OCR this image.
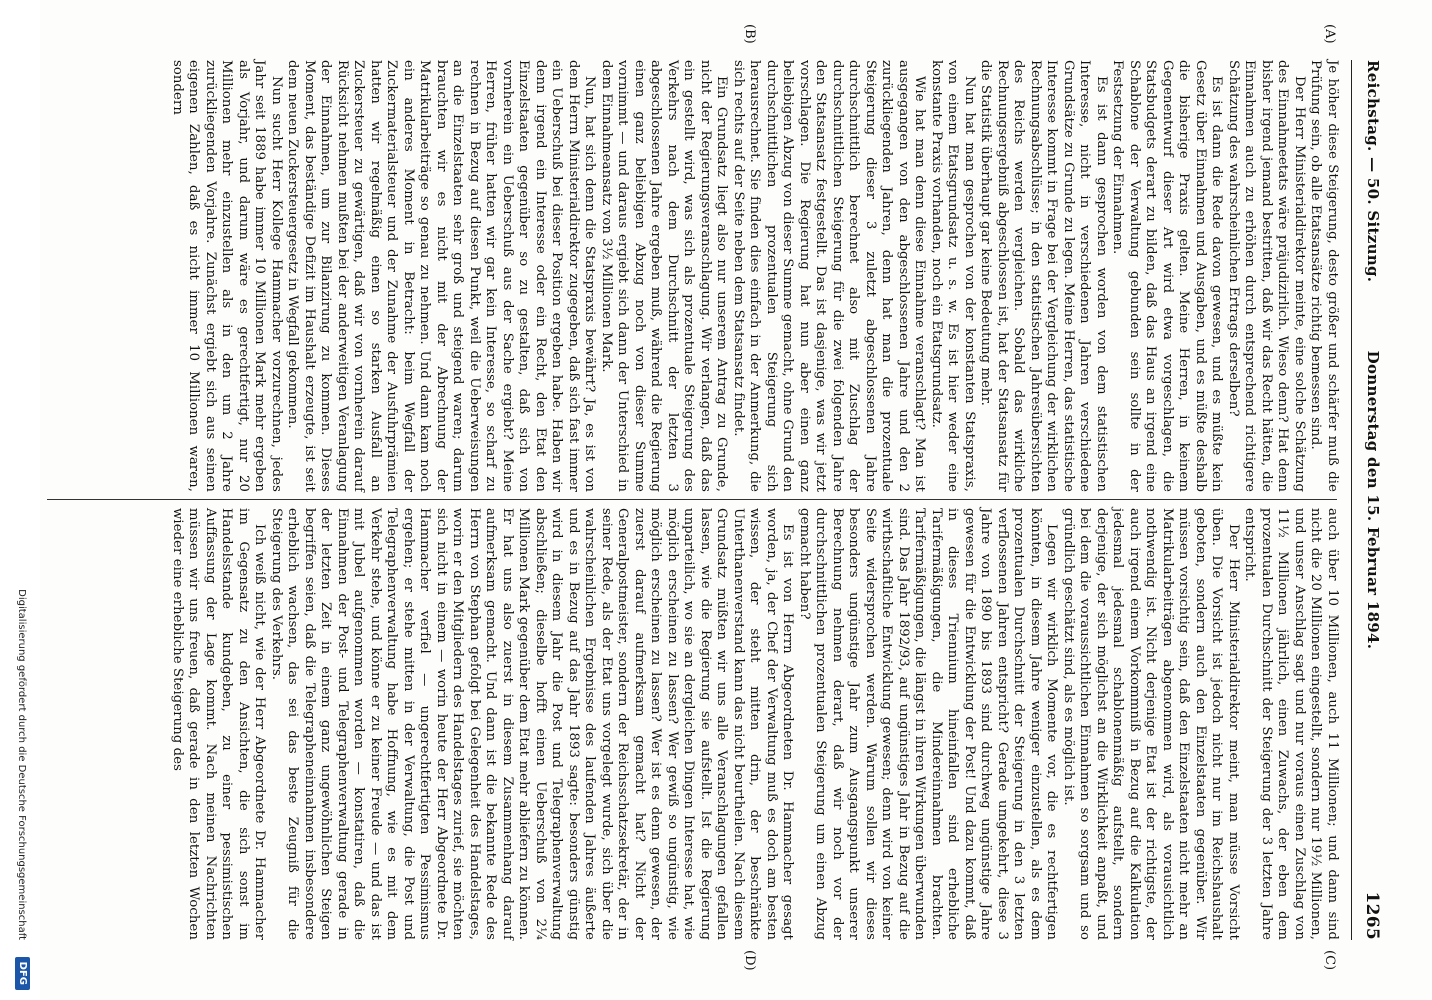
Reichstag. — 50. Sitzung.
Donnerstag den 15. Februar 1894.
1265
(A)
(B)
(C)
(D)

Je höher diese Steigerung, desto größer und schärfer muß die Prüfung sein, ob alle Etatsansätze richtig bemessen sind.

Der Herr Ministerialdirektor meinte, eine solche Schätzung des Einnahmeetats wäre präjudizirlich. Wieso denn? Hat denn bisher irgend jemand bestritten, daß wir das Recht hätten, die Einnahmen auch zu erhöhen durch entsprechend richtigere Schätzung des wahrscheinlichen Ertrags derselben?

Es ist dann die Rede davon gewesen, und es müßte kein Gesetz über Einnahmen und Ausgaben, und es müßte deshalb die bisherige Praxis gelten. Meine Herren, in keinem Gegenentwurf dieser Art wird etwa vorgeschlagen, die Statsbudgets derart zu bilden, daß das Haus an irgend eine Schablone der Verwaltung gebunden sein sollte in der Festsetzung der Einnahmen.

Es ist dann gesprochen worden von dem statistischen Interesse, nicht in verschiedenen Jahren verschiedene Grundsätze zu Grunde zu legen. Meine Herren, das statistische Interesse kommt in Frage bei der Vergleichung der wirklichen Rechnungsabschlüsse; in den statistischen Jahresübersichten des Reichs werden vergleichen. Sobald das wirkliche Rechnungsergebniß abgeschlossen ist, hat der Statsansatz für die Statistik überhaupt gar keine Bedeutung mehr.

Nun hat man gesprochen von der konstanten Statspraxis, von einem Etatsgrundsatz u. s. w. Es ist hier weder eine konstante Praxis vorhanden, noch ein Etatsgrundsatz.

Wie hat man denn diese Einnahme veranschlagt? Man ist ausgegangen von den abgeschlossenen Jahre und den 2 zurückliegenden Jahren, denn hat man die prozentuale Steigerung dieser 3 zuletzt abgeschlossenen Jahre durchschnittlich berechnet also mit Zuschlag der durchschnittlichen Steigerung für die zwei folgenden Jahre den Statsansatz festgestellt. Das ist dasjenige, was wir jetzt vorschlagen. Die Regierung hat nun aber einen ganz beliebigen Abzug von dieser Summe gemacht, ohne Grund den durchschnittlichen prozentualen Steigerung sich herausrechnet. Sie finden dies einfach in der Anmerkung, die sich rechts auf der Seite neben dem Statsansatz findet.

Ein Grundsatz liegt also nur unserem Antrag zu Grunde, nicht der Regierungsveranschlagung. Wir verlangen, daß das ein gestellt wird, was sich als prozentuale Steigerung des Verkehrs nach dem Durchschnitt der letzten 3 abgeschlossenen Jahre ergeben muß, während die Regierung einen ganz beliebigen Abzug noch von dieser Summe vornimmt — und daraus ergiebt sich dann der Unterschied in dem Einnahmeansatz von 3½ Millionen Mark.

Nun, hat sich denn die Statspraxis bewährt? Ja, es ist von dem Herrn Ministerialdirektor zugegeben, daß sich fast immer ein Ueberschuß bei dieser Position ergeben habe. Haben wir denn irgend ein Interesse oder ein Recht, den Etat den Einzelstaaten gegenüber so zu gestalten, daß sich von vornherein ein Ueberschuß aus der Sache ergiebt? Meine Herren, früher hatten wir gar kein Interesse, so scharf zu rechnen in Bezug auf diesen Punkt, weil die Ueberweisungen an die Einzelstaaten sehr groß und steigend waren; darum brauchten wir es nicht mit der Abrechnung der Matrikularbeiträge so genau zu nehmen. Und dann kam noch ein anderes Moment in Betracht: beim Wegfall der Zuckermaterialsteuer und der Zunahme der Ausfuhrprämien hatten wir regelmäßig einen so starken Ausfall an Zuckersteuer zu gewärtigen, daß wir von vornherein darauf Rücksicht nehmen mußten bei der anderweitigen Veranlagung der Einnahmen, um zur Bilanzirung zu kommen. Dieses Moment, das beständige Defizit im Haushalt erzeugte, ist seit dem neuen Zuckersteuergesetz in Wegfall gekommen.

Nun sucht Herr Kollege Hammacher vorzurechnen, jedes Jahr seit 1889 habe immer 10 Millionen Mark mehr ergeben als Vorjahr, und darum wäre es gerechtfertigt, nur 20 Millionen mehr einzustellen als in den um 2 Jahre zurückliegenden Vorjahre. Zunächst ergiebt sich aus seinen eigenen Zahlen, daß es nicht immer 10 Millionen waren, sondern

auch über 10 Millionen, auch 11 Millionen; und dann sind nicht die 20 Millionen eingestellt, sondern nur 19½ Millionen, und unser Anschlag sagt und nur voraus einen Zuschlag von 11½ Millionen jährlich, einen Zuwachs, der eben dem prozentualen Durchschnitt der Steigerung der 3 letzten Jahre entspricht.

Der Herr Ministerialdirektor meint, man müsse Vorsicht üben. Die Vorsicht ist jedoch nicht nur im Reichshaushalt geboten, sondern auch den Einzelstaaten gegenüber. Wir müssen vorsichtig sein, daß den Einzelstaaten nicht mehr an Matrikularbeiträgen abgenommen wird, als vorausichtlich nothwendig ist. Nicht derjenige Etat ist der richtigste, der auch irgend einem Vorkommniß in Bezug auf die Kalkulation jedesmal jedesmal schablonenmäßig aufstellt, sondern derjenige, der sich möglichst an die Wirklichkeit anpaßt, und bei dem die voraussichtlichen Einnahmen so sorgsam und so gründlich geschätzt sind, als es möglich ist.

Legen wir wirklich Momente vor, die es rechtfertigen könnten, in diesem Jahre weniger einzustellen, als es dem prozentualen Durchschnitt der Steigerung in den 3 letzten verflossenen Jahren entspricht? Gerade umgekehrt, diese 3 Jahre von 1890 bis 1893 sind durchweg ungünstige Jahre gewesen für die Entwicklung der Post! Und dazu kommt, daß in dieses Triennium hineinfallen sind erhebliche Tarifermäßigungen, die Mindereinnahmen brachten. Tarifermäßigungen, die längst in ihren Wirkungen überwunden sind. Das Jahr 1892/93, auf ungünstiges Jahr in Bezug auf die wirthschaftliche Entwicklung gewesen; denn wird von keiner Seite widersprochen werden. Warum sollen wir dieses besonders ungünstige Jahr zum Ausgangspunkt unserer Berechnung nehmen derart, daß wir noch vor der durchschnittlichen prozentualen Steigerung um einen Abzug gemacht haben?

Es ist von Herrn Abgeordneten Dr. Hammacher gesagt worden, ja, der Chef der Verwaltung muß es doch am besten wissen, der steht mitten drin, der beschränkte Unterthanenverstand kann das nicht beurtheilen. Nach diesem Grundsatz müßten wir uns alle Veranschlagungen gefallen lassen, wie die Regierung sie aufstellt. Ist die Regierung unparteilich, wo sie an dergleichen Dingen Interesse hat, wie möglich erscheinen zu lassen? Wer gewiß so ungünstig, wie möglich erscheinen zu lassen? Wer ist es denn gewesen, der zuerst darauf aufmerksam gemacht hat? Nicht der Generalpostmeister, sondern der Reichsschatzsekretär, der in seiner Rede, als der Etat uns vorgelegt wurde, sich über die wahrscheinlichen Ergebnisse des laufenden Jahres äußerte und es in Bezug auf das Jahr 1893 sagte: besonders günstig wird in diesem Jahr die Post und Telegraphenverwaltung abschließen; dieselbe hofft einen Ueberschuß von 2¼ Millionen Mark gegenüber dem Etat mehr abliefern zu können. Er hat uns also zuerst in diesem Zusammenhang darauf aufmerksam gemacht. Und dann ist die bekannte Rede des Herrn von Stephan gefolgt bei Gelegenheit des Handelstages, worin er den Mitgliedern des Handelstages zurief, sie möchten sich nicht in einem — worin heute der Herr Abgeordnete Dr. Hammacher verfiel — ungerechtfertigten Pessimismus ergehen; er stehe mitten in der Verwaltung, die Post und Telegraphenverwaltung habe Hoffnung, wie es mit dem Verkehr stehe, und könne er zu keiner Freude — und das ist mit Jubel aufgenommen worden — konstatiren, daß die Einnahmen der Post- und Telegraphenverwaltung gerade in der letzten Zeit in einem ganz ungewöhnlichen Steigen begriffen seien, daß die Telegrapheneinnahmen insbesondere erheblich wachsen, das sei das beste Zeugniß für die Steigerung des Verkehrs.

Ich weiß nicht, wie der Herr Abgeordnete Dr. Hammacher im Gegensatz zu den Ansichten, die sich sonst im Handelsstande kundgeben, zu einer pessimistischen Auffassung der Lage kommt. Nach meinen Nachrichten müssen wir uns freuen, daß gerade in den letzten Wochen wieder eine erhebliche Steigerung des

Digitalisierung gefördert durch die Deutsche Forschungsgemeinschaft
DFG
